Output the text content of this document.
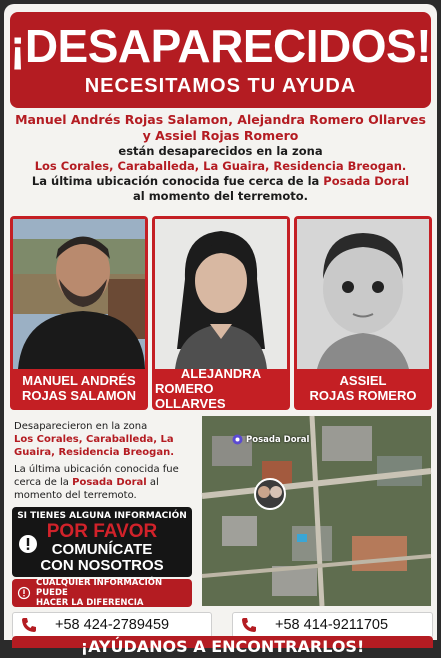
¡DESAPARECIDOS!
NECESITAMOS TU AYUDA
Manuel Andrés Rojas Salamon, Alejandra Romero Ollarves
y Assiel Rojas Romero
están desaparecidos en la zona
Los Corales, Caraballeda, La Guaira, Residencia Breogan.
La última ubicación conocida fue cerca de la Posada Doral
al momento del terremoto.
MANUEL ANDRÉS
ROJAS SALAMON
ALEJANDRA
ROMERO OLLARVES
ASSIEL
ROJAS ROMERO

Desaparecieron en la zona
Los Corales, Caraballeda, La Guaira, Residencia Breogan.

La última ubicación conocida fue cerca de la Posada Doral al momento del terremoto.

Posada Doral
SI TIENES ALGUNA INFORMACIÓN
POR FAVOR
COMUNÍCATE
CON NOSOTROS
CUALQUIER INFORMACIÓN PUEDE
HACER LA DIFERENCIA
+58 424-2789459	+58 414-9211705
¡AYÚDANOS A ENCONTRARLOS!
